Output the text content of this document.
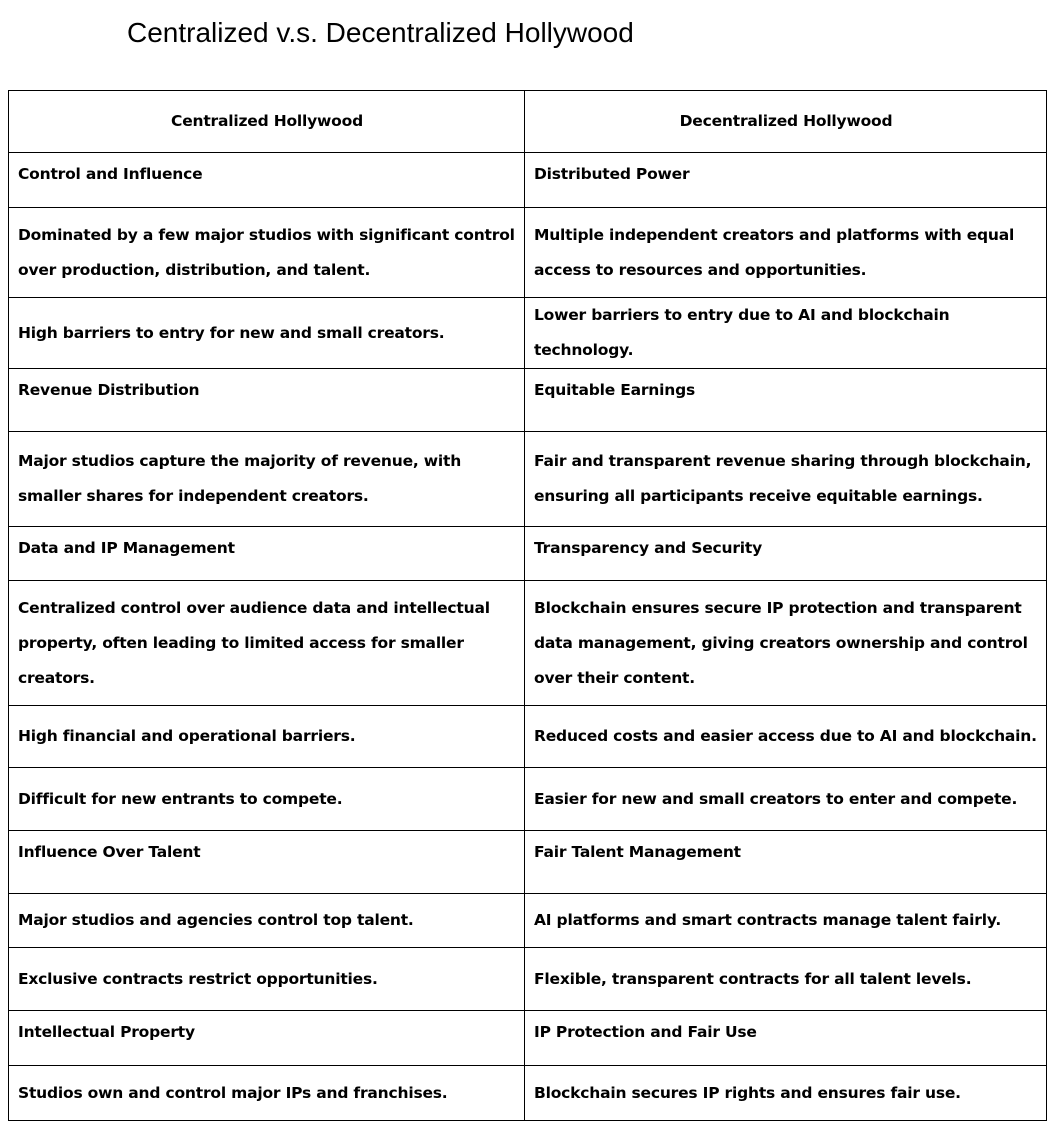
Centralized v.s. Decentralized Hollywood
Centralized Hollywood	Decentralized Hollywood
Control and Influence	Distributed Power
Dominated by a few major studios with significant control over production, distribution, and talent.	Multiple independent creators and platforms with equal access to resources and opportunities.
High barriers to entry for new and small creators.	Lower barriers to entry due to AI and blockchain technology.
Revenue Distribution	Equitable Earnings
Major studios capture the majority of revenue, with smaller shares for independent creators.	Fair and transparent revenue sharing through blockchain, ensuring all participants receive equitable earnings.
Data and IP Management	Transparency and Security
Centralized control over audience data and intellectual property, often leading to limited access for smaller creators.	Blockchain ensures secure IP protection and transparent data management, giving creators ownership and control over their content.
High financial and operational barriers.	Reduced costs and easier access due to AI and blockchain.
Difficult for new entrants to compete.	Easier for new and small creators to enter and compete.
Influence Over Talent	Fair Talent Management
Major studios and agencies control top talent.	AI platforms and smart contracts manage talent fairly.
Exclusive contracts restrict opportunities.	Flexible, transparent contracts for all talent levels.
Intellectual Property	IP Protection and Fair Use
Studios own and control major IPs and franchises.	Blockchain secures IP rights and ensures fair use.
